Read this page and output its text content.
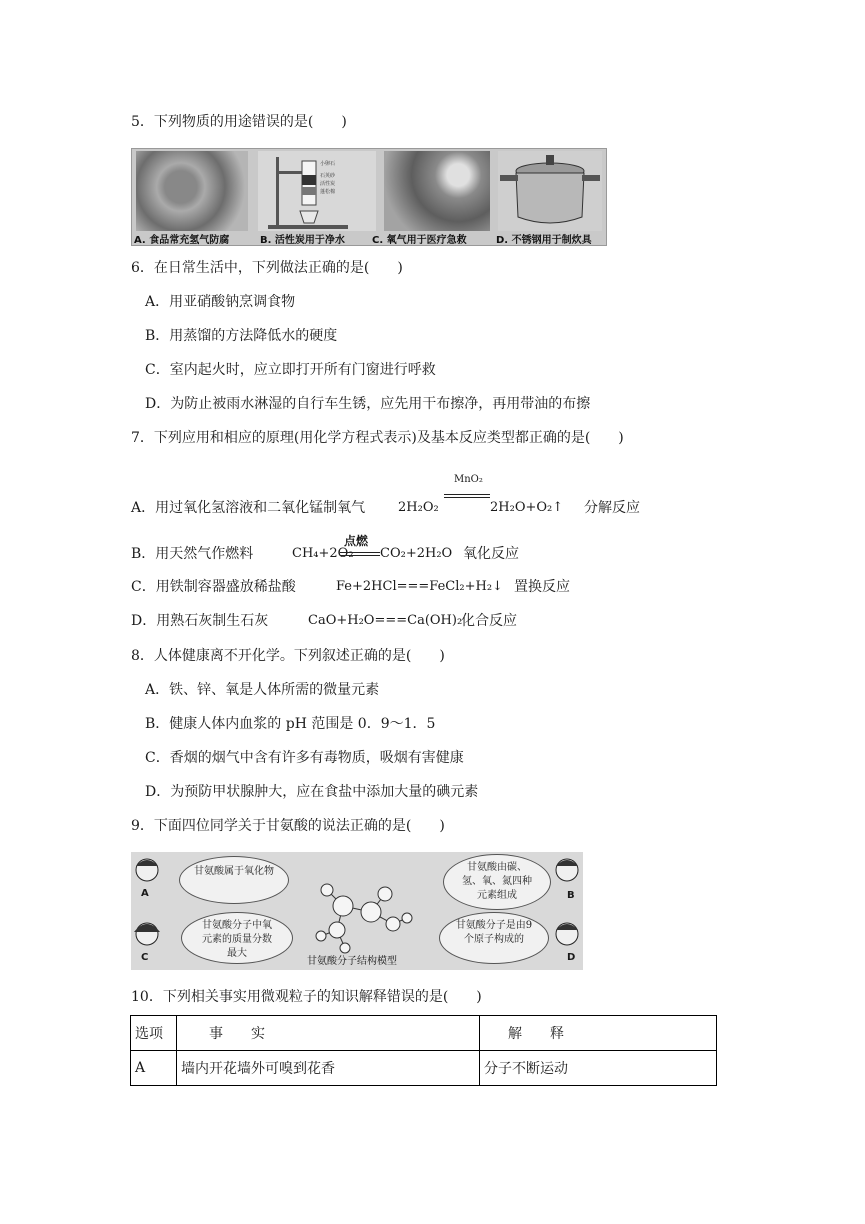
5．下列物质的用途错误的是(　　)
小卵石
石英砂
活性炭
蓬松棉
A. 食品常充氢气防腐	B. 活性炭用于净水	C. 氧气用于医疗急救	D. 不锈钢用于制炊具
6．在日常生活中，下列做法正确的是(　　)
A．用亚硝酸钠烹调食物
B．用蒸馏的方法降低水的硬度
C．室内起火时，应立即打开所有门窗进行呼救
D．为防止被雨水淋湿的自行车生锈，应先用干布擦净，再用带油的布擦
7．下列应用和相应的原理(用化学方程式表示)及基本反应类型都正确的是(　　)
MnO₂
A．用过氧化氢溶液和二氧化锰制氧气	2H₂O₂	2H₂O+O₂↑ 分解反应
B．用天然气作燃料	CH₄+2O₂
点燃
CO₂+2H₂O 氧化反应
C．用铁制容器盛放稀盐酸	Fe+2HCl===FeCl₂+H₂↓ 置换反应
D．用熟石灰制生石灰	CaO+H₂O===Ca(OH)₂
化合反应
8．人体健康离不开化学。下列叙述正确的是(　　)
A．铁、锌、氧是人体所需的微量元素
B．健康人体内血浆的 pH 范围是 0．9～1．5
C．香烟的烟气中含有许多有毒物质，吸烟有害健康
D．为预防甲状腺肿大，应在食盐中添加大量的碘元素
9．下面四位同学关于甘氨酸的说法正确的是(　　)
甘氨酸属于氧化物	甘氨酸由碳、氢、氧、氮四种元素组成
甘氨酸分子中氧元素的质量分数最大
甘氨酸分子是由9个原子构成的
甘氨酸分子结构模型
A	B
C	D
10．下列相关事实用微观粒子的知识解释错误的是(　　)
选项	事　　实	解　　释
A	墙内开花墙外可嗅到花香	分子不断运动
